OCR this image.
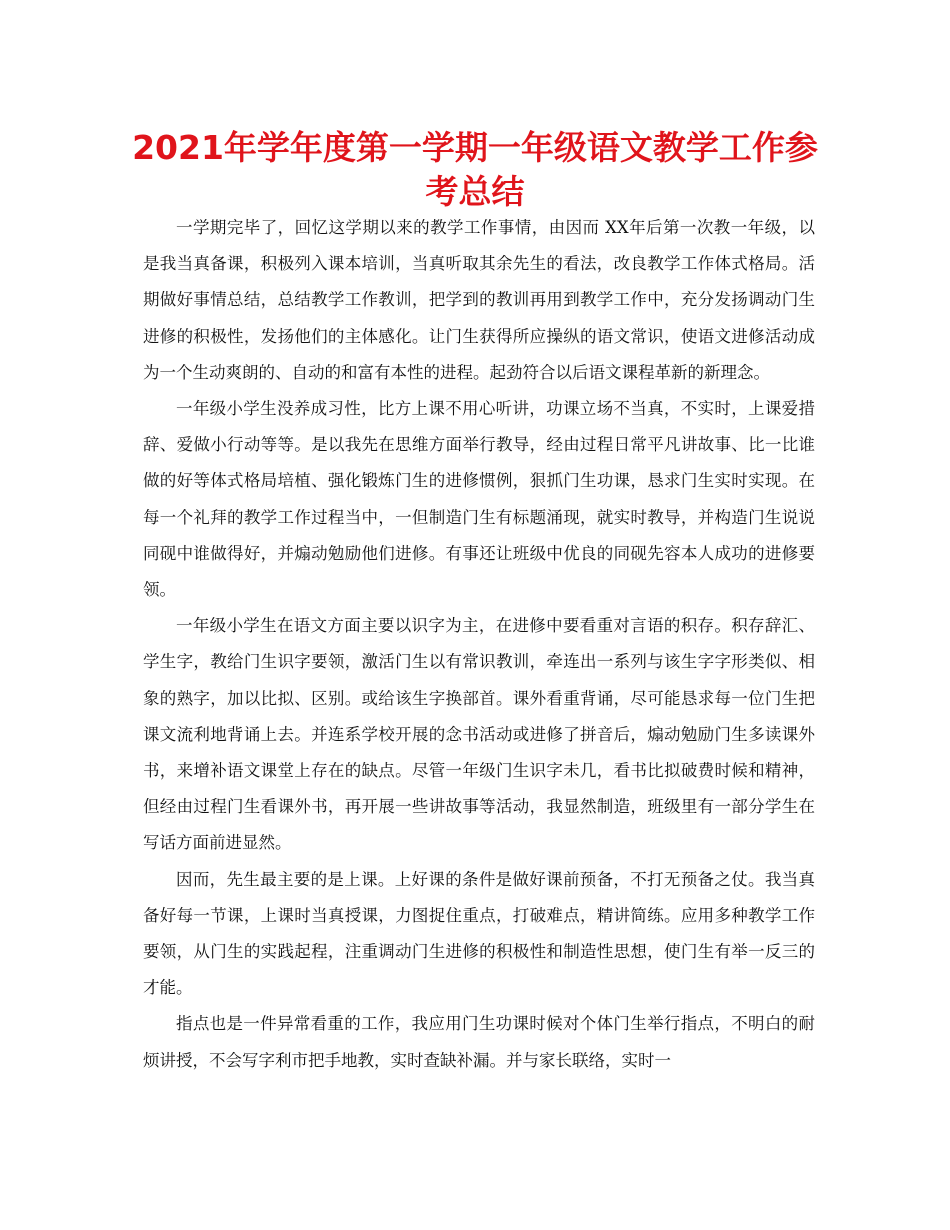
2021年学年度第一学期一年级语文教学工作参
考总结

一学期完毕了，回忆这学期以来的教学工作事情，由因而 XX年后第一次教一年级，以是我当真备课，积极列入课本培训，当真听取其余先生的看法，改良教学工作体式格局。活期做好事情总结，总结教学工作教训，把学到的教训再用到教学工作中，充分发扬调动门生进修的积极性，发扬他们的主体感化。让门生获得所应操纵的语文常识，使语文进修活动成为一个生动爽朗的、自动的和富有本性的进程。起劲符合以后语文课程革新的新理念。

一年级小学生没养成习性，比方上课不用心听讲，功课立场不当真，不实时，上课爱措辞、爱做小行动等等。是以我先在思维方面举行教导，经由过程日常平凡讲故事、比一比谁做的好等体式格局培植、强化锻炼门生的进修惯例，狠抓门生功课，恳求门生实时实现。在每一个礼拜的教学工作过程当中，一但制造门生有标题涌现，就实时教导，并构造门生说说同砚中谁做得好，并煽动勉励他们进修。有事还让班级中优良的同砚先容本人成功的进修要领。

一年级小学生在语文方面主要以识字为主，在进修中要看重对言语的积存。积存辞汇、学生字，教给门生识字要领，激活门生以有常识教训，牵连出一系列与该生字字形类似、相象的熟字，加以比拟、区别。或给该生字换部首。课外看重背诵，尽可能恳求每一位门生把课文流利地背诵上去。并连系学校开展的念书活动或进修了拼音后，煽动勉励门生多读课外书，来增补语文课堂上存在的缺点。尽管一年级门生识字未几，看书比拟破费时候和精神，但经由过程门生看课外书，再开展一些讲故事等活动，我显然制造，班级里有一部分学生在写话方面前进显然。

因而，先生最主要的是上课。上好课的条件是做好课前预备，不打无预备之仗。我当真备好每一节课，上课时当真授课，力图捉住重点，打破难点，精讲简练。应用多种教学工作要领，从门生的实践起程，注重调动门生进修的积极性和制造性思想，使门生有举一反三的才能。

指点也是一件异常看重的工作，我应用门生功课时候对个体门生举行指点，不明白的耐烦讲授，不会写字利市把手地教，实时查缺补漏。并与家长联络，实时一
